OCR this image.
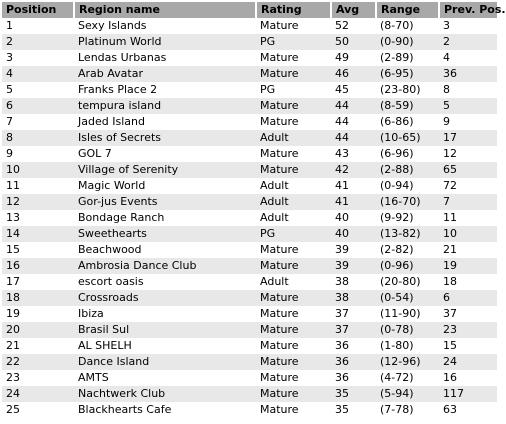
Position	Region name	Rating	Avg	Range	Prev. Pos.
1	Sexy Islands	Mature	52	(8-70)	3
2	Platinum World	PG	50	(0-90)	2
3	Lendas Urbanas	Mature	49	(2-89)	4
4	Arab Avatar	Mature	46	(6-95)	36
5	Franks Place 2	PG	45	(23-80)	8
6	tempura island	Mature	44	(8-59)	5
7	Jaded Island	Mature	44	(6-86)	9
8	Isles of Secrets	Adult	44	(10-65)	17
9	GOL 7	Mature	43	(6-96)	12
10	Village of Serenity	Mature	42	(2-88)	65
11	Magic World	Adult	41	(0-94)	72
12	Gor-jus Events	Adult	41	(16-70)	7
13	Bondage Ranch	Adult	40	(9-92)	11
14	Sweethearts	PG	40	(13-82)	10
15	Beachwood	Mature	39	(2-82)	21
16	Ambrosia Dance Club	Mature	39	(0-96)	19
17	escort oasis	Adult	38	(20-80)	18
18	Crossroads	Mature	38	(0-54)	6
19	Ibiza	Mature	37	(11-90)	37
20	Brasil Sul	Mature	37	(0-78)	23
21	AL SHELH	Mature	36	(1-80)	15
22	Dance Island	Mature	36	(12-96)	24
23	AMTS	Mature	36	(4-72)	16
24	Nachtwerk Club	Mature	35	(5-94)	117
25	Blackhearts Cafe	Mature	35	(7-78)	63
